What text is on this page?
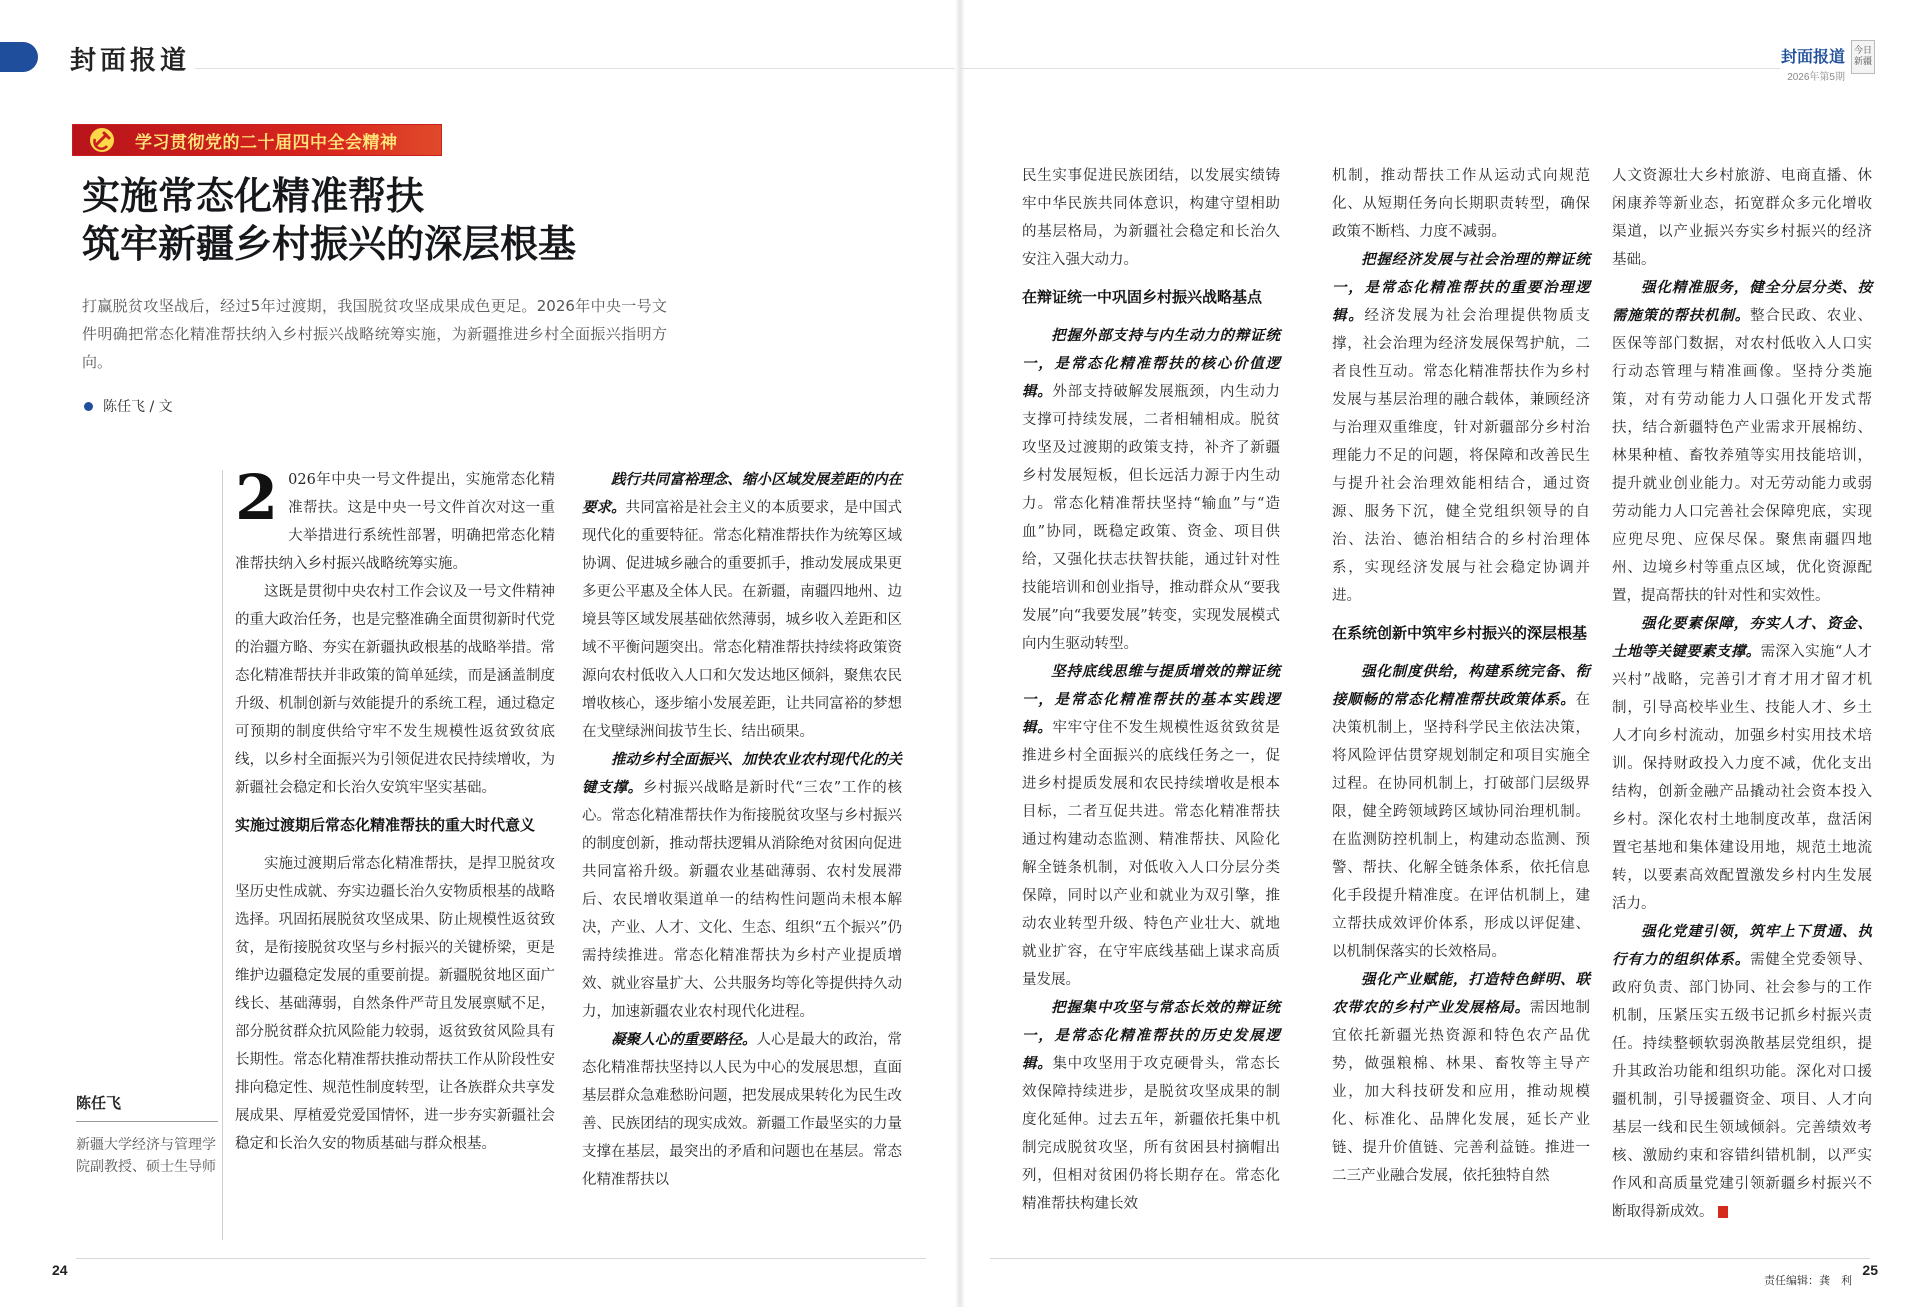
封面报道
学习贯彻党的二十届四中全会精神
实施常态化精准帮扶
筑牢新疆乡村振兴的深层根基
打赢脱贫攻坚战后，经过5年过渡期，我国脱贫攻坚成果成色更足。2026年中央一号文件明确把常态化精准帮扶纳入乡村振兴战略统筹实施，为新疆推进乡村全面振兴指明方向。
陈任飞 / 文
陈任飞
新疆大学经济与管理学院副教授、硕士生导师
2 026年中央一号文件提出，实施常态化精准帮扶。这是中央一号文件首次对这一重大举措进行系统性部署，明确把常态化精准帮扶纳入乡村振兴战略统筹实施。

这既是贯彻中央农村工作会议及一号文件精神的重大政治任务，也是完整准确全面贯彻新时代党的治疆方略、夯实在新疆执政根基的战略举措。常态化精准帮扶并非政策的简单延续，而是涵盖制度升级、机制创新与效能提升的系统工程，通过稳定可预期的制度供给守牢不发生规模性返贫致贫底线，以乡村全面振兴为引领促进农民持续增收，为新疆社会稳定和长治久安筑牢坚实基础。

实施过渡期后常态化精准帮扶的重大时代意义

实施过渡期后常态化精准帮扶，是捍卫脱贫攻坚历史性成就、夯实边疆长治久安物质根基的战略选择。巩固拓展脱贫攻坚成果、防止规模性返贫致贫，是衔接脱贫攻坚与乡村振兴的关键桥梁，更是维护边疆稳定发展的重要前提。新疆脱贫地区面广线长、基础薄弱，自然条件严苛且发展禀赋不足，部分脱贫群众抗风险能力较弱，返贫致贫风险具有长期性。常态化精准帮扶推动帮扶工作从阶段性安排向稳定性、规范性制度转型，让各族群众共享发展成果、厚植爱党爱国情怀，进一步夯实新疆社会稳定和长治久安的物质基础与群众根基。

践行共同富裕理念、缩小区域发展差距的内在要求。共同富裕是社会主义的本质要求，是中国式现代化的重要特征。常态化精准帮扶作为统筹区域协调、促进城乡融合的重要抓手，推动发展成果更多更公平惠及全体人民。在新疆，南疆四地州、边境县等区域发展基础依然薄弱，城乡收入差距和区域不平衡问题突出。常态化精准帮扶持续将政策资源向农村低收入人口和欠发达地区倾斜，聚焦农民增收核心，逐步缩小发展差距，让共同富裕的梦想在戈壁绿洲间拔节生长、结出硕果。

推动乡村全面振兴、加快农业农村现代化的关键支撑。乡村振兴战略是新时代“三农”工作的核心。常态化精准帮扶作为衔接脱贫攻坚与乡村振兴的制度创新，推动帮扶逻辑从消除绝对贫困向促进共同富裕升级。新疆农业基础薄弱、农村发展滞后、农民增收渠道单一的结构性问题尚未根本解决，产业、人才、文化、生态、组织“五个振兴”仍需持续推进。常态化精准帮扶为乡村产业提质增效、就业容量扩大、公共服务均等化等提供持久动力，加速新疆农业农村现代化进程。

凝聚人心的重要路径。人心是最大的政治，常态化精准帮扶坚持以人民为中心的发展思想，直面基层群众急难愁盼问题，把发展成果转化为民生改善、民族团结的现实成效。新疆工作最坚实的力量支撑在基层，最突出的矛盾和问题也在基层。常态化精准帮扶以

24
封面报道
2026年第5期
今日新疆

民生实事促进民族团结，以发展实绩铸牢中华民族共同体意识，构建守望相助的基层格局，为新疆社会稳定和长治久安注入强大动力。

在辩证统一中巩固乡村振兴战略基点

把握外部支持与内生动力的辩证统一，是常态化精准帮扶的核心价值逻辑。外部支持破解发展瓶颈，内生动力支撑可持续发展，二者相辅相成。脱贫攻坚及过渡期的政策支持，补齐了新疆乡村发展短板，但长远活力源于内生动力。常态化精准帮扶坚持“输血”与“造血”协同，既稳定政策、资金、项目供给，又强化扶志扶智扶能，通过针对性技能培训和创业指导，推动群众从“要我发展”向“我要发展”转变，实现发展模式向内生驱动转型。

坚持底线思维与提质增效的辩证统一，是常态化精准帮扶的基本实践逻辑。牢牢守住不发生规模性返贫致贫是推进乡村全面振兴的底线任务之一，促进乡村提质发展和农民持续增收是根本目标，二者互促共进。常态化精准帮扶通过构建动态监测、精准帮扶、风险化解全链条机制，对低收入人口分层分类保障，同时以产业和就业为双引擎，推动农业转型升级、特色产业壮大、就地就业扩容，在守牢底线基础上谋求高质量发展。

把握集中攻坚与常态长效的辩证统一，是常态化精准帮扶的历史发展逻辑。集中攻坚用于攻克硬骨头，常态长效保障持续进步，是脱贫攻坚成果的制度化延伸。过去五年，新疆依托集中机制完成脱贫攻坚，所有贫困县村摘帽出列，但相对贫困仍将长期存在。常态化精准帮扶构建长效

机制，推动帮扶工作从运动式向规范化、从短期任务向长期职责转型，确保政策不断档、力度不减弱。

把握经济发展与社会治理的辩证统一，是常态化精准帮扶的重要治理逻辑。经济发展为社会治理提供物质支撑，社会治理为经济发展保驾护航，二者良性互动。常态化精准帮扶作为乡村发展与基层治理的融合载体，兼顾经济与治理双重维度，针对新疆部分乡村治理能力不足的问题，将保障和改善民生与提升社会治理效能相结合，通过资源、服务下沉，健全党组织领导的自治、法治、德治相结合的乡村治理体系，实现经济发展与社会稳定协调并进。

在系统创新中筑牢乡村振兴的深层根基

强化制度供给，构建系统完备、衔接顺畅的常态化精准帮扶政策体系。在决策机制上，坚持科学民主依法决策，将风险评估贯穿规划制定和项目实施全过程。在协同机制上，打破部门层级界限，健全跨领域跨区域协同治理机制。在监测防控机制上，构建动态监测、预警、帮扶、化解全链条体系，依托信息化手段提升精准度。在评估机制上，建立帮扶成效评价体系，形成以评促建、以机制保落实的长效格局。

强化产业赋能，打造特色鲜明、联农带农的乡村产业发展格局。需因地制宜依托新疆光热资源和特色农产品优势，做强粮棉、林果、畜牧等主导产业，加大科技研发和应用，推动规模化、标准化、品牌化发展，延长产业链、提升价值链、完善利益链。推进一二三产业融合发展，依托独特自然

人文资源壮大乡村旅游、电商直播、休闲康养等新业态，拓宽群众多元化增收渠道，以产业振兴夯实乡村振兴的经济基础。

强化精准服务，健全分层分类、按需施策的帮扶机制。整合民政、农业、医保等部门数据，对农村低收入人口实行动态管理与精准画像。坚持分类施策，对有劳动能力人口强化开发式帮扶，结合新疆特色产业需求开展棉纺、林果种植、畜牧养殖等实用技能培训，提升就业创业能力。对无劳动能力或弱劳动能力人口完善社会保障兜底，实现应兜尽兜、应保尽保。聚焦南疆四地州、边境乡村等重点区域，优化资源配置，提高帮扶的针对性和实效性。

强化要素保障，夯实人才、资金、土地等关键要素支撑。需深入实施“人才兴村”战略，完善引才育才用才留才机制，引导高校毕业生、技能人才、乡土人才向乡村流动，加强乡村实用技术培训。保持财政投入力度不减，优化支出结构，创新金融产品撬动社会资本投入乡村。深化农村土地制度改革，盘活闲置宅基地和集体建设用地，规范土地流转，以要素高效配置激发乡村内生发展活力。

强化党建引领，筑牢上下贯通、执行有力的组织体系。需健全党委领导、政府负责、部门协同、社会参与的工作机制，压紧压实五级书记抓乡村振兴责任。持续整顿软弱涣散基层党组织，提升其政治功能和组织功能。深化对口援疆机制，引导援疆资金、项目、人才向基层一线和民生领域倾斜。完善绩效考核、激励约束和容错纠错机制，以严实作风和高质量党建引领新疆乡村振兴不断取得新成效。

责任编辑：龚　利
25
